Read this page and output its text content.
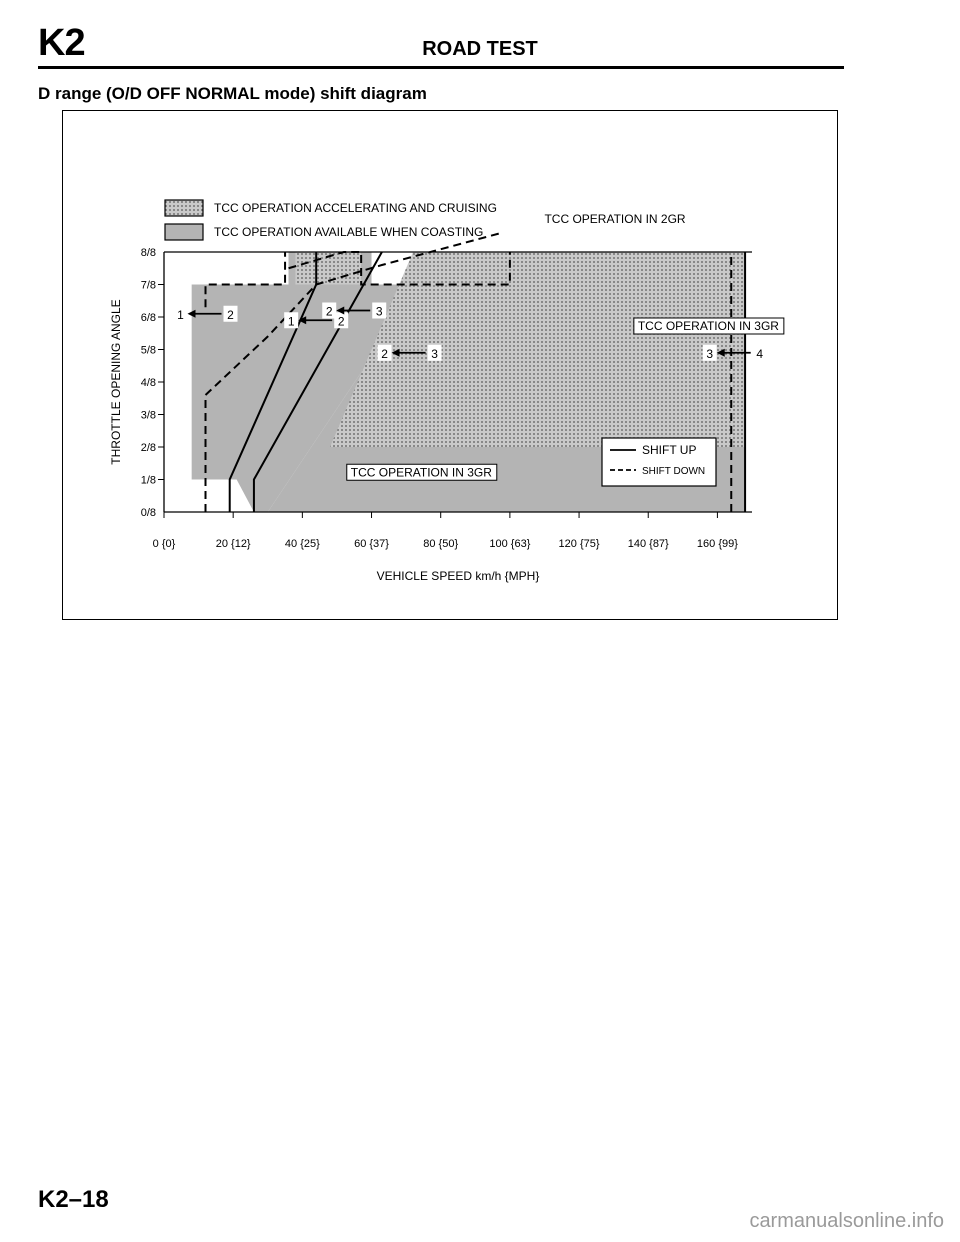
K2	ROAD TEST
D range (O/D OFF NORMAL mode) shift diagram
TCC OPERATION ACCELERATING AND CRUISING
TCC OPERATION AVAILABLE WHEN COASTING
0/8
1/8
2/8
3/8
4/8
5/8
6/8
7/8
8/8
0 {0}	20 {12}	40 {25}	60 {37}	80 {50}	100 {63}	120 {75}	140 {87}	160 {99}
VEHICLE SPEED km/h {MPH}
THROTTLE OPENING ANGLE
TCC OPERATION IN 2GR
TCC OPERATION IN 3GR
TCC OPERATION IN 3GR
1	2	1	2
2	3
2	3	3	4
SHIFT UP
SHIFT DOWN
K2–18
carmanualsonline.info
